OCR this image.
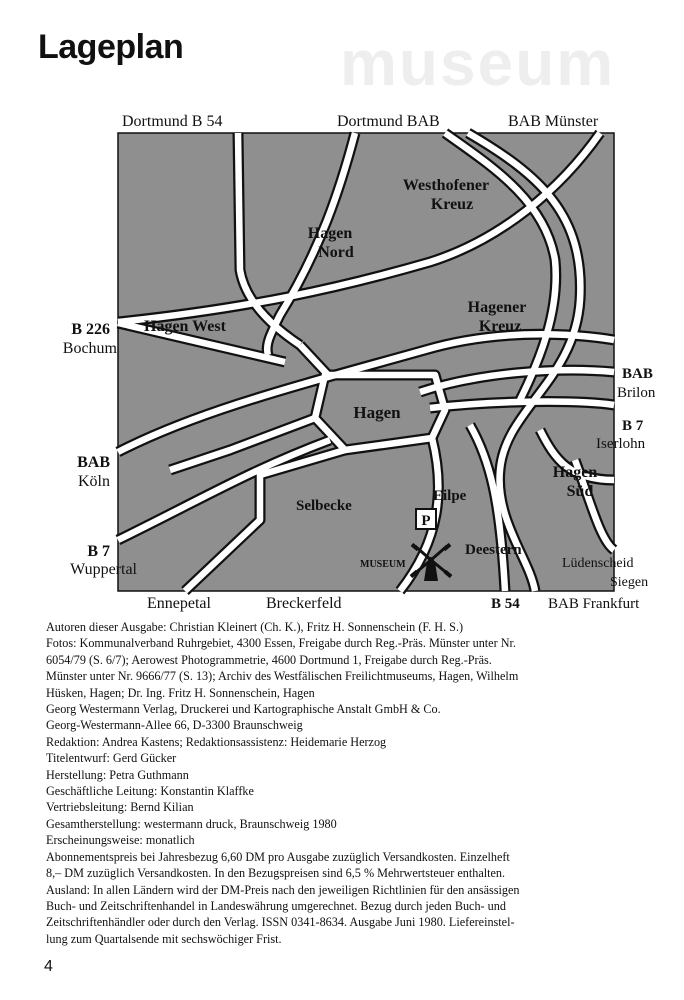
museum
Lageplan
Dortmund B 54	Dortmund BAB	BAB Münster
B 226
Bochum
BAB
Köln
B 7
Wuppertal
BAB
Brilon
B 7
Iserlohn
Lüdenscheid
Siegen
Ennepetal	Breckerfeld	B 54 BAB Frankfurt
Westhofener
Kreuz
Hagen
Nord
Hagen West
Hagener
Kreuz
Hagen
Hagen
Süd
Selbecke
Eilpe
Deestern
MUSEUM
P
Autoren dieser Ausgabe: Christian Kleinert (Ch. K.), Fritz H. Sonnenschein (F. H. S.)
Fotos: Kommunalverband Ruhrgebiet, 4300 Essen, Freigabe durch Reg.-Präs. Münster unter Nr.
6054/79 (S. 6/7); Aerowest Photogrammetrie, 4600 Dortmund 1, Freigabe durch Reg.-Präs.
Münster unter Nr. 9666/77 (S. 13); Archiv des Westfälischen Freilichtmuseums, Hagen, Wilhelm
Hüsken, Hagen; Dr. Ing. Fritz H. Sonnenschein, Hagen
Georg Westermann Verlag, Druckerei und Kartographische Anstalt GmbH & Co.
Georg-Westermann-Allee 66, D-3300 Braunschweig
Redaktion: Andrea Kastens; Redaktionsassistenz: Heidemarie Herzog
Titelentwurf: Gerd Gücker
Herstellung: Petra Guthmann
Geschäftliche Leitung: Konstantin Klaffke
Vertriebsleitung: Bernd Kilian
Gesamtherstellung: westermann druck, Braunschweig 1980
Erscheinungsweise: monatlich
Abonnementspreis bei Jahresbezug 6,60 DM pro Ausgabe zuzüglich Versandkosten. Einzelheft
8,– DM zuzüglich Versandkosten. In den Bezugspreisen sind 6,5 % Mehrwertsteuer enthalten.
Ausland: In allen Ländern wird der DM-Preis nach den jeweiligen Richtlinien für den ansässigen
Buch- und Zeitschriftenhandel in Landeswährung umgerechnet. Bezug durch jeden Buch- und
Zeitschriftenhändler oder durch den Verlag. ISSN 0341-8634. Ausgabe Juni 1980. Liefereinstel-
lung zum Quartalsende mit sechswöchiger Frist.
4
